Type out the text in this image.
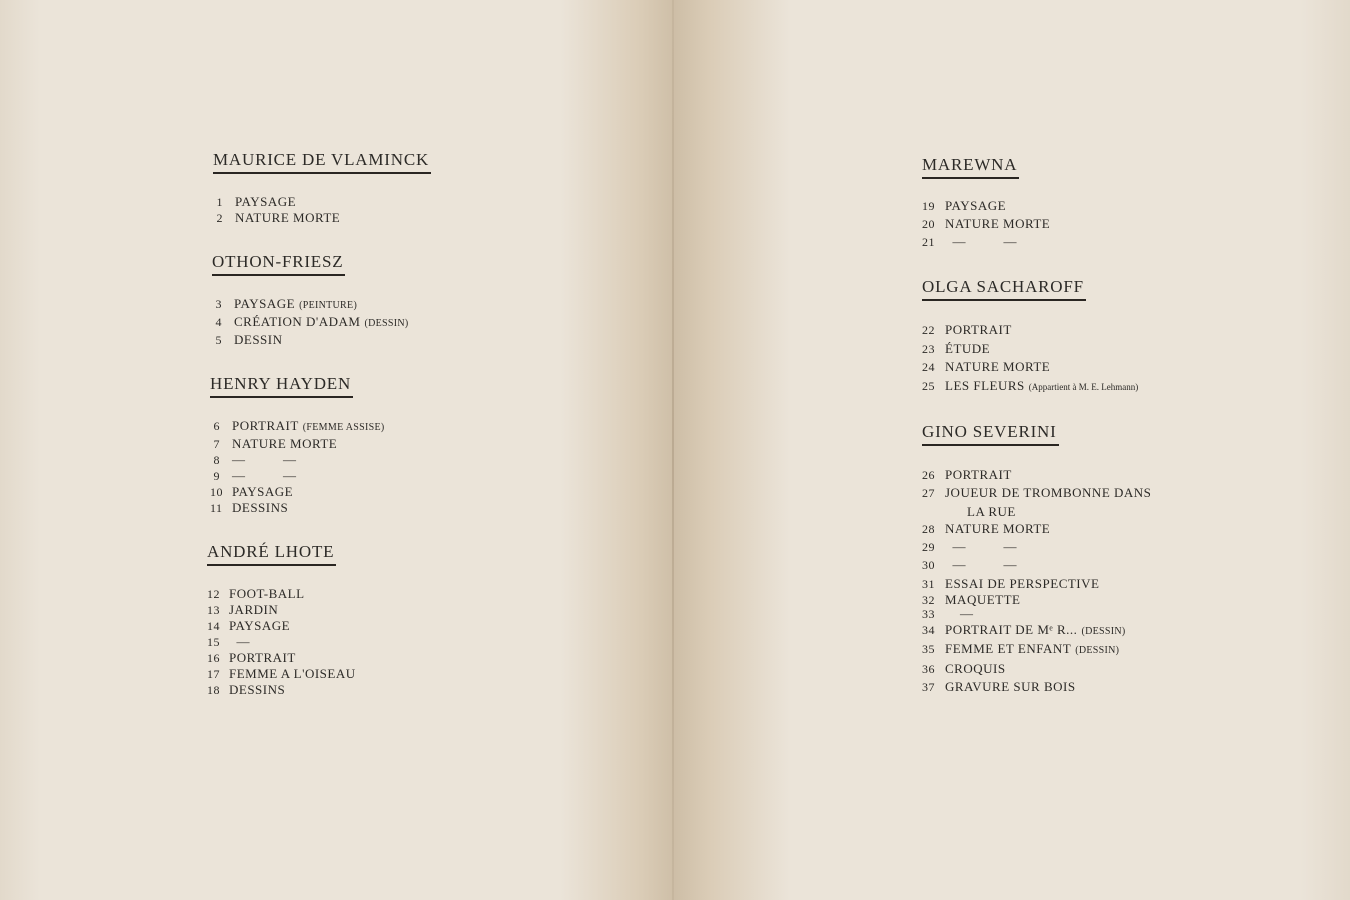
MAURICE DE VLAMINCK
1 PAYSAGE
2 NATURE MORTE
OTHON-FRIESZ
3 PAYSAGE (PEINTURE)
4 CRÉATION D'ADAM (DESSIN)
5 DESSIN
HENRY HAYDEN
6 PORTRAIT (FEMME ASSISE)
7 NATURE MORTE
8 —          —
9 —          —
10 PAYSAGE
11 DESSINS
ANDRÉ LHOTE
12 FOOT-BALL
13 JARDIN
14 PAYSAGE
15 —
16 PORTRAIT
17 FEMME A L'OISEAU
18 DESSINS
MAREWNA
19 PAYSAGE
20 NATURE MORTE
21 —          —
OLGA SACHAROFF
22 PORTRAIT
23 ÉTUDE
24 NATURE MORTE
25 LES FLEURS (Appartient à M. E. Lehmann)
GINO SEVERINI
26 PORTRAIT
27 JOUEUR DE TROMBONNE DANS
LA RUE
28 NATURE MORTE
29 —          —
30 —          —
31 ESSAI DE PERSPECTIVE
32 MAQUETTE
33 —
34 PORTRAIT DE Mᵉ R... (DESSIN)
35 FEMME ET ENFANT (DESSIN)
36 CROQUIS
37 GRAVURE SUR BOIS
